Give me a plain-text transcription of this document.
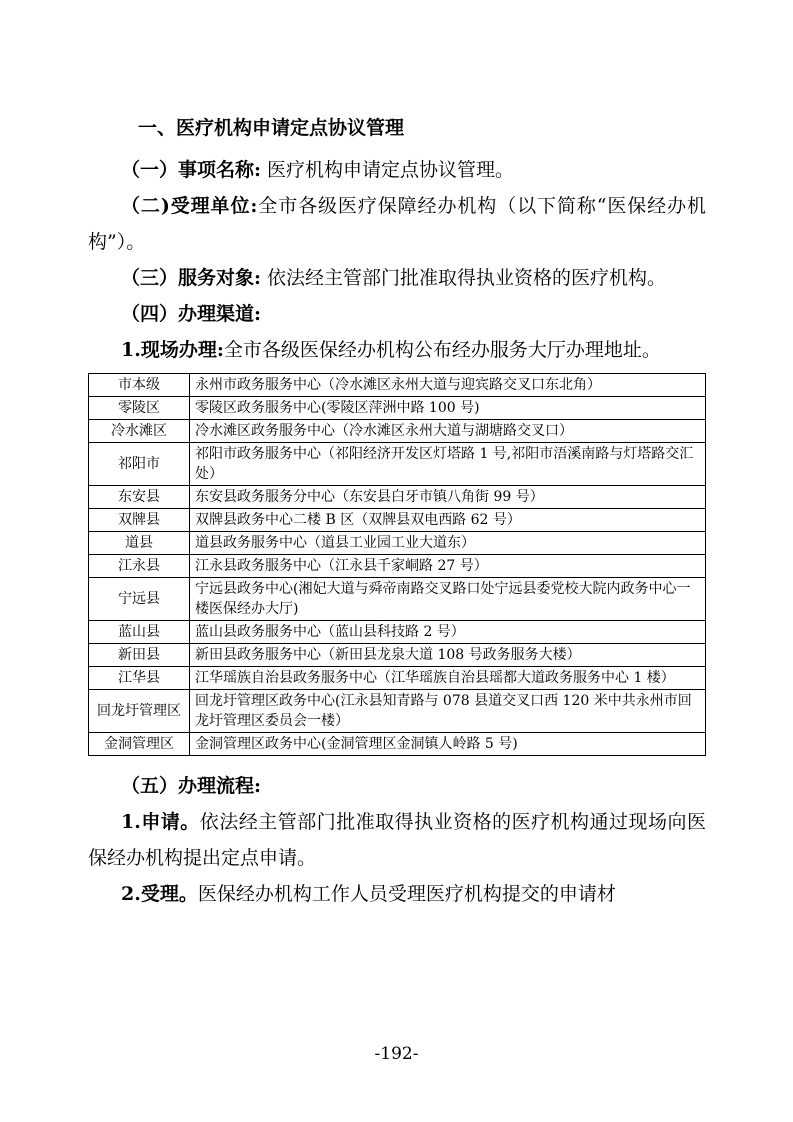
一、医疗机构申请定点协议管理

（一）事项名称: 医疗机构申请定点协议管理。

（二)受理单位:全市各级医疗保障经办机构（以下简称“医保经办机构”）。

（三）服务对象: 依法经主管部门批准取得执业资格的医疗机构。

（四）办理渠道:

1.现场办理:全市各级医保经办机构公布经办服务大厅办理地址。

市本级	永州市政务服务中心（冷水滩区永州大道与迎宾路交叉口东北角）
零陵区	零陵区政务服务中心(零陵区萍洲中路 100 号)
冷水滩区	冷水滩区政务服务中心（冷水滩区永州大道与湖塘路交叉口）
祁阳市	祁阳市政务服务中心（祁阳经济开发区灯塔路 1 号,祁阳市浯溪南路与灯塔路交汇处）
东安县	东安县政务服务分中心（东安县白牙市镇八角街 99 号）
双牌县	双牌县政务中心二楼 B 区（双牌县双电西路 62 号）
道县	道县政务服务中心（道县工业园工业大道东）
江永县	江永县政务服务中心（江永县千家峒路 27 号）
宁远县	宁远县政务中心(湘妃大道与舜帝南路交叉路口处宁远县委党校大院内政务中心一楼医保经办大厅)
蓝山县	蓝山县政务服务中心（蓝山县科技路 2 号）
新田县	新田县政务服务中心（新田县龙泉大道 108 号政务服务大楼）
江华县	江华瑶族自治县政务服务中心（江华瑶族自治县瑶都大道政务服务中心 1 楼）
回龙圩管理区	回龙圩管理区政务中心(江永县知青路与 078 县道交叉口西 120 米中共永州市回龙圩管理区委员会一楼）
金洞管理区	金洞管理区政务中心(金洞管理区金洞镇人岭路 5 号)

（五）办理流程:

1.申请。依法经主管部门批准取得执业资格的医疗机构通过现场向医保经办机构提出定点申请。

2.受理。医保经办机构工作人员受理医疗机构提交的申请材

-192-
